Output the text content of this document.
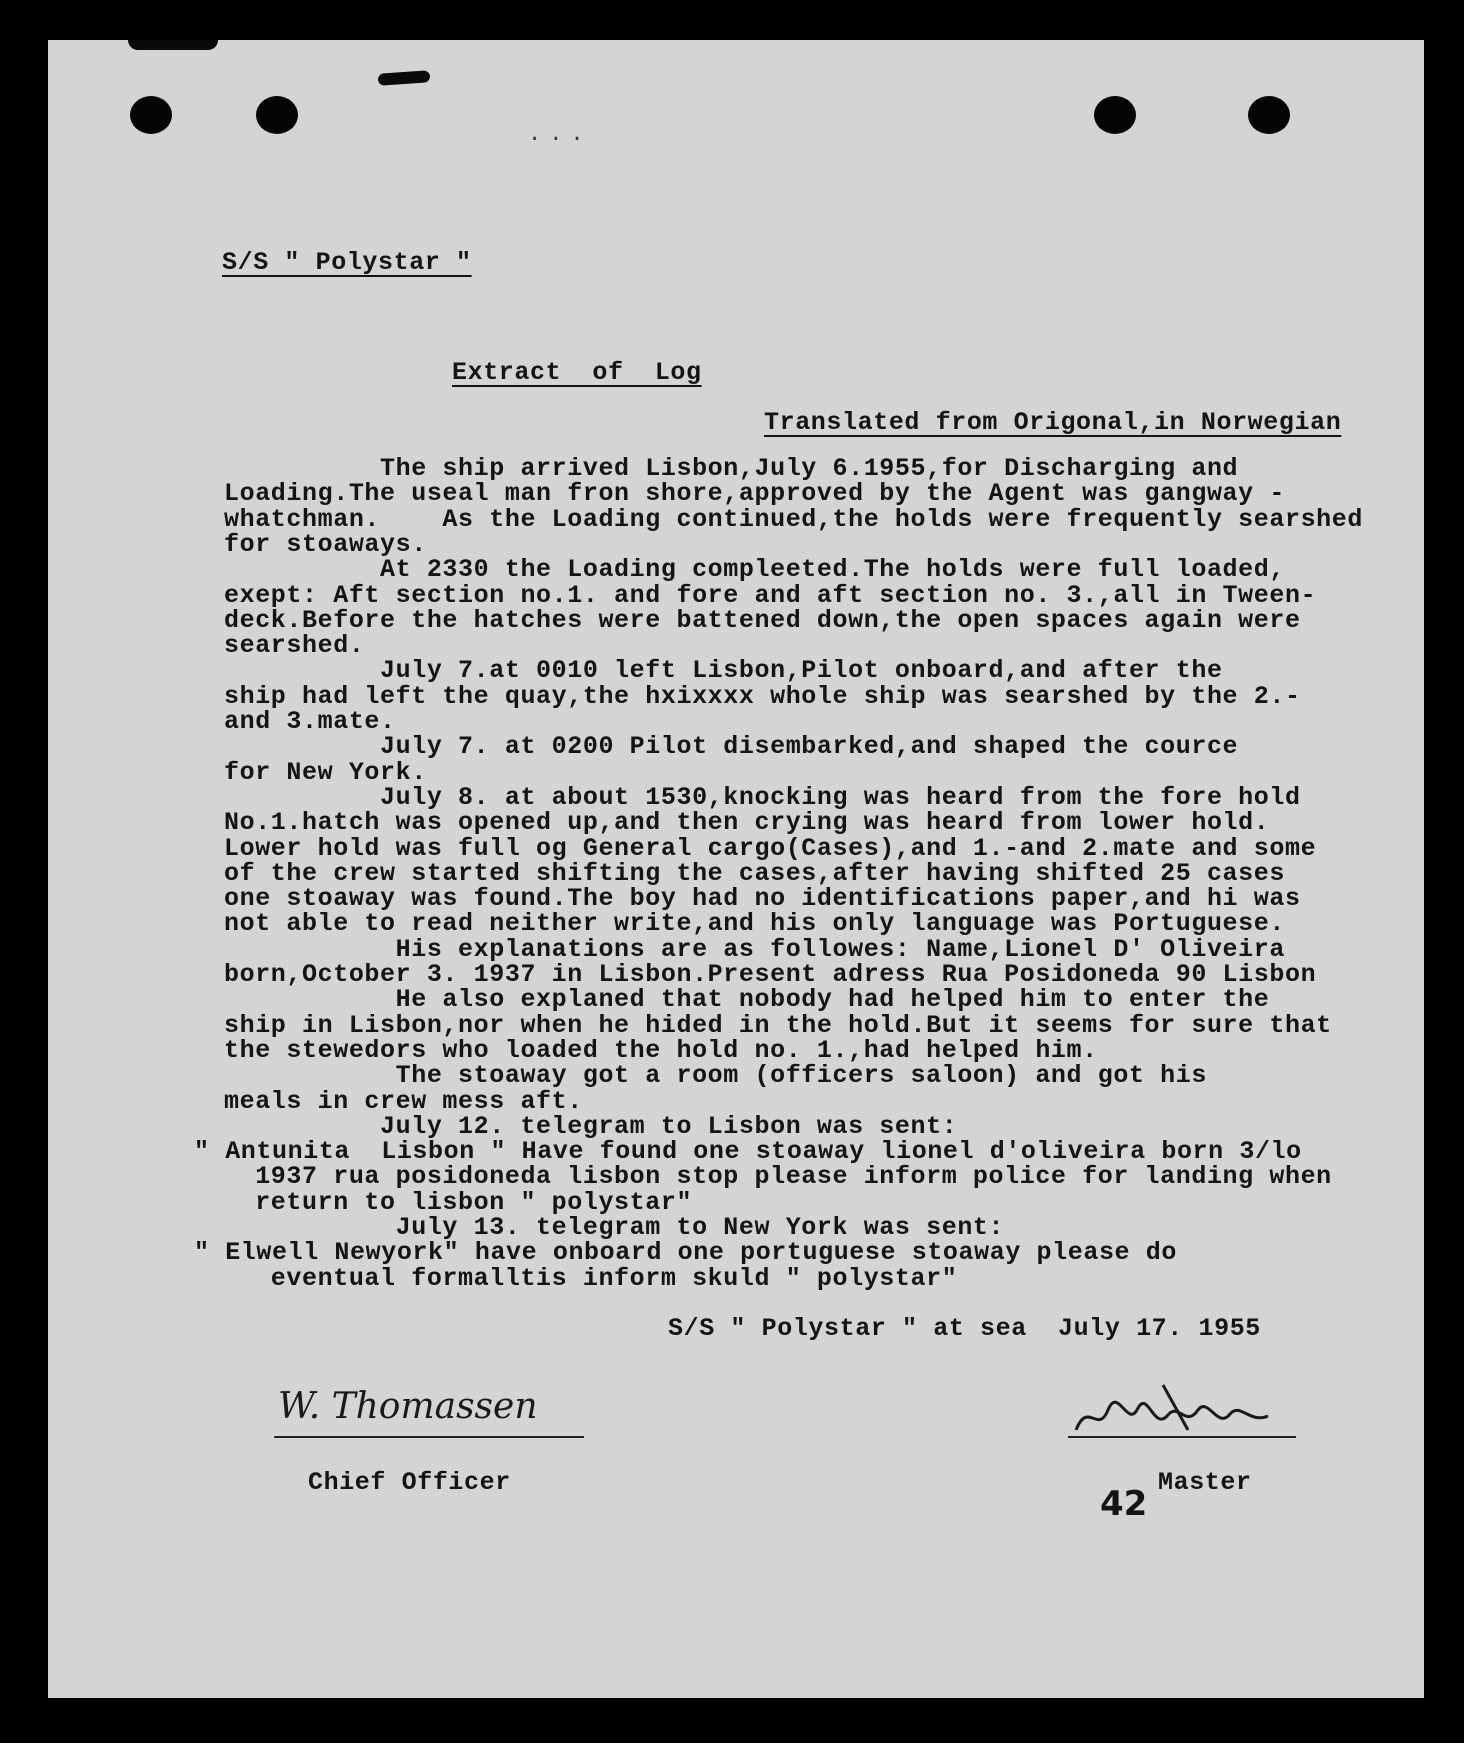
...
S/S " Polystar "
Extract  of  Log
Translated from Origonal,in Norwegian
The ship arrived Lisbon,July 6.1955,for Discharging and
Loading.The useal man fron shore,approved by the Agent was gangway -
whatchman.    As the Loading continued,the holds were frequently searshed
for stoaways.
At 2330 the Loading compleeted.The holds were full loaded,
exept: Aft section no.1. and fore and aft section no. 3.,all in Tween-
deck.Before the hatches were battened down,the open spaces again were
searshed.
July 7.at 0010 left Lisbon,Pilot onboard,and after the
ship had left the quay,the hxixxxx whole ship was searshed by the 2.-
and 3.mate.
July 7. at 0200 Pilot disembarked,and shaped the cource
for New York.
July 8. at about 1530,knocking was heard from the fore hold
No.1.hatch was opened up,and then crying was heard from lower hold.
Lower hold was full og General cargo(Cases),and 1.-and 2.mate and some
of the crew started shifting the cases,after having shifted 25 cases
one stoaway was found.The boy had no identifications paper,and hi was
not able to read neither write,and his only language was Portuguese.
His explanations are as followes: Name,Lionel D' Oliveira
born,October 3. 1937 in Lisbon.Present adress Rua Posidoneda 90 Lisbon
He also explaned that nobody had helped him to enter the
ship in Lisbon,nor when he hided in the hold.But it seems for sure that
the stewedors who loaded the hold no. 1.,had helped him.
The stoaway got a room (officers saloon) and got his
meals in crew mess aft.
July 12. telegram to Lisbon was sent:
" Antunita  Lisbon " Have found one stoaway lionel d'oliveira born 3/lo
1937 rua posidoneda lisbon stop please inform police for landing when
return to lisbon " polystar"
July 13. telegram to New York was sent:
" Elwell Newyork" have onboard one portuguese stoaway please do
eventual formalltis inform skuld " polystar"
S/S " Polystar " at sea  July 17. 1955
W. Thomassen
Chief Officer	Master
42
